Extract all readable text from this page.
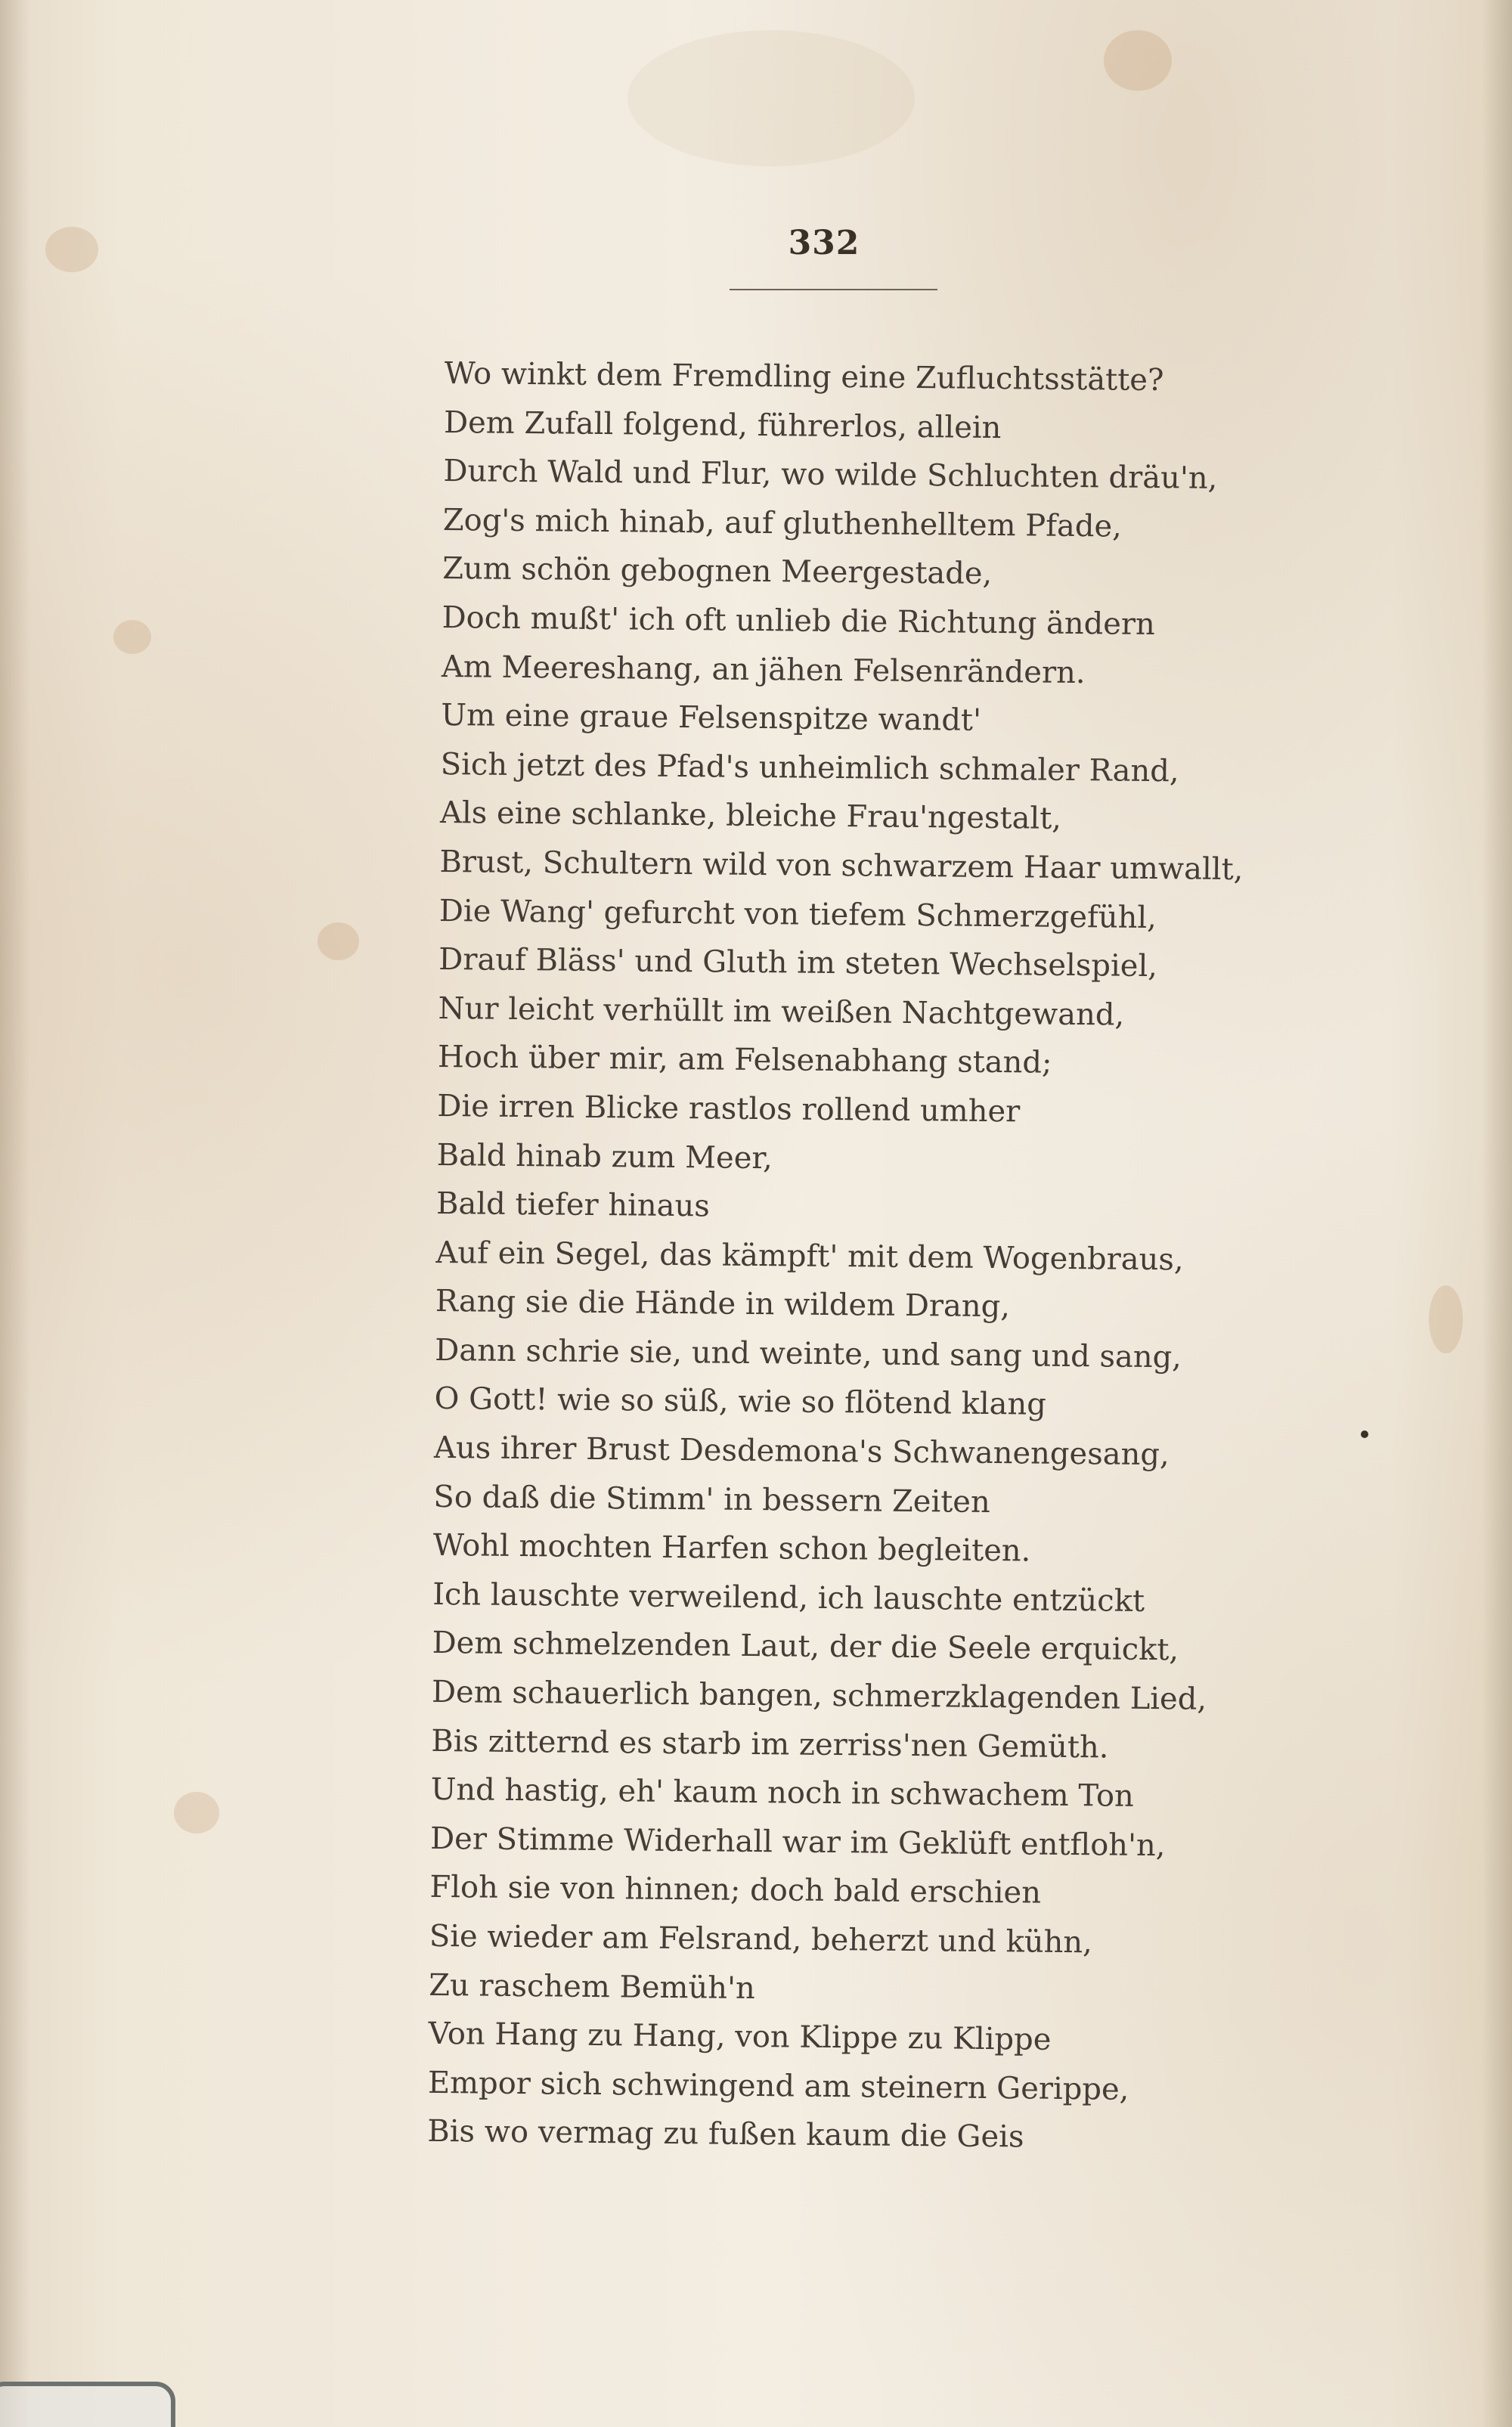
332
Wo winkt dem Fremdling eine Zufluchtsstätte?
Dem Zufall folgend, führerlos, allein
Durch Wald und Flur, wo wilde Schluchten dräu'n,
Zog's mich hinab, auf gluthenhelltem Pfade,
Zum schön gebognen Meergestade,
Doch mußt' ich oft unlieb die Richtung ändern
Am Meereshang, an jähen Felsenrändern.
Um eine graue Felsenspitze wandt'
Sich jetzt des Pfad's unheimlich schmaler Rand,
Als eine schlanke, bleiche Frau'ngestalt,
Brust, Schultern wild von schwarzem Haar umwallt,
Die Wang' gefurcht von tiefem Schmerzgefühl,
Drauf Bläss' und Gluth im steten Wechselspiel,
Nur leicht verhüllt im weißen Nachtgewand,
Hoch über mir, am Felsenabhang stand;
Die irren Blicke rastlos rollend umher
Bald hinab zum Meer,
Bald tiefer hinaus
Auf ein Segel, das kämpft' mit dem Wogenbraus,
Rang sie die Hände in wildem Drang,
Dann schrie sie, und weinte, und sang und sang,
O Gott! wie so süß, wie so flötend klang
Aus ihrer Brust Desdemona's Schwanengesang,
So daß die Stimm' in bessern Zeiten
Wohl mochten Harfen schon begleiten.
Ich lauschte verweilend, ich lauschte entzückt
Dem schmelzenden Laut, der die Seele erquickt,
Dem schauerlich bangen, schmerzklagenden Lied,
Bis zitternd es starb im zerriss'nen Gemüth.
Und hastig, eh' kaum noch in schwachem Ton
Der Stimme Widerhall war im Geklüft entfloh'n,
Floh sie von hinnen; doch bald erschien
Sie wieder am Felsrand, beherzt und kühn,
Zu raschem Bemüh'n
Von Hang zu Hang, von Klippe zu Klippe
Empor sich schwingend am steinern Gerippe,
Bis wo vermag zu fußen kaum die Geis
